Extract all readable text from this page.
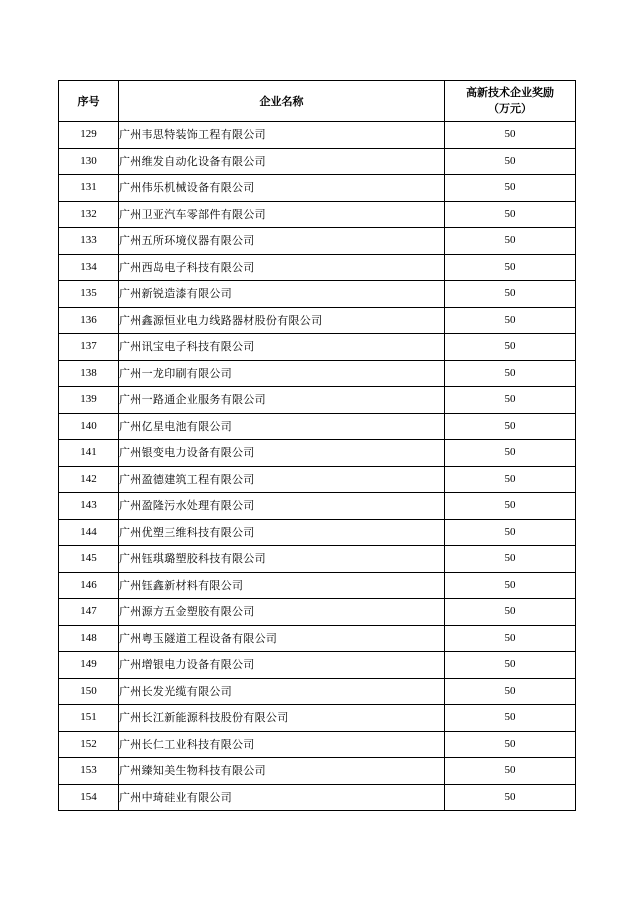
序号	企业名称	高新技术企业奖励
（万元）

129	广州韦思特装饰工程有限公司	50
130	广州维发自动化设备有限公司	50
131	广州伟乐机械设备有限公司	50
132	广州卫亚汽车零部件有限公司	50
133	广州五所环境仪器有限公司	50
134	广州西岛电子科技有限公司	50
135	广州新锐造漆有限公司	50
136	广州鑫源恒业电力线路器材股份有限公司	50
137	广州讯宝电子科技有限公司	50
138	广州一龙印刷有限公司	50
139	广州一路通企业服务有限公司	50
140	广州亿星电池有限公司	50
141	广州银变电力设备有限公司	50
142	广州盈德建筑工程有限公司	50
143	广州盈隆污水处理有限公司	50
144	广州优塑三维科技有限公司	50
145	广州钰琪璐塑胶科技有限公司	50
146	广州钰鑫新材料有限公司	50
147	广州源方五金塑胶有限公司	50
148	广州粤玉隧道工程设备有限公司	50
149	广州增银电力设备有限公司	50
150	广州长发光缆有限公司	50
151	广州长江新能源科技股份有限公司	50
152	广州长仁工业科技有限公司	50
153	广州臻知美生物科技有限公司	50
154	广州中琦硅业有限公司	50
